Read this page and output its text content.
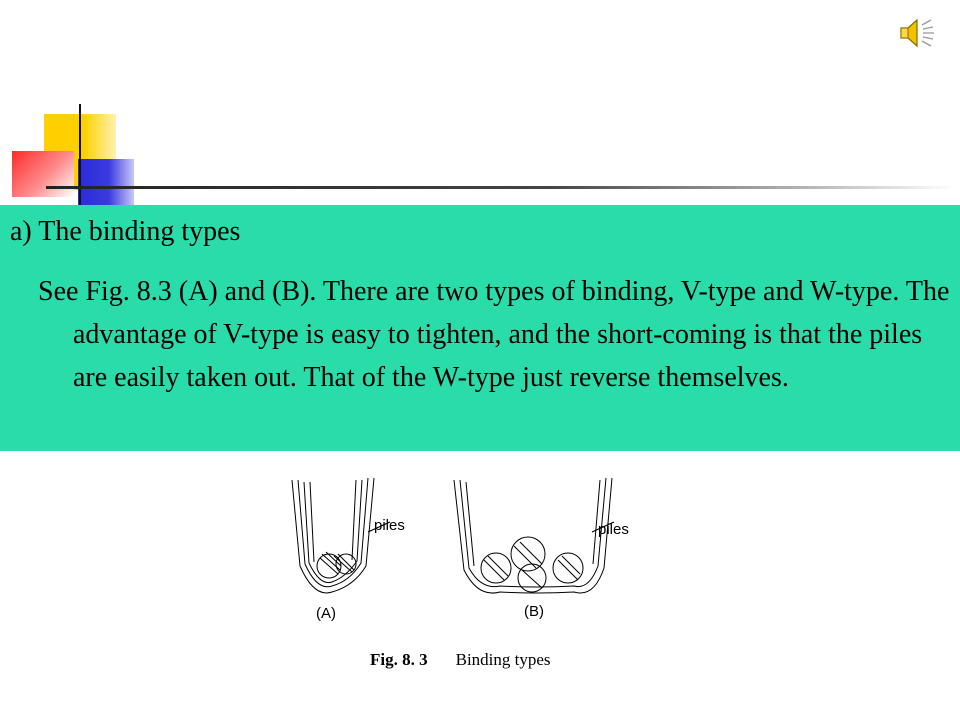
a) The binding types

See Fig. 8.3 (A) and (B). There are two types of binding, V-type and W-type. The advantage of V-type is easy to tighten, and the short-coming is that the piles are easily taken out. That of the W-type just reverse themselves.

piles
(A)
piles
(B)

Fig. 8. 3 Binding types
